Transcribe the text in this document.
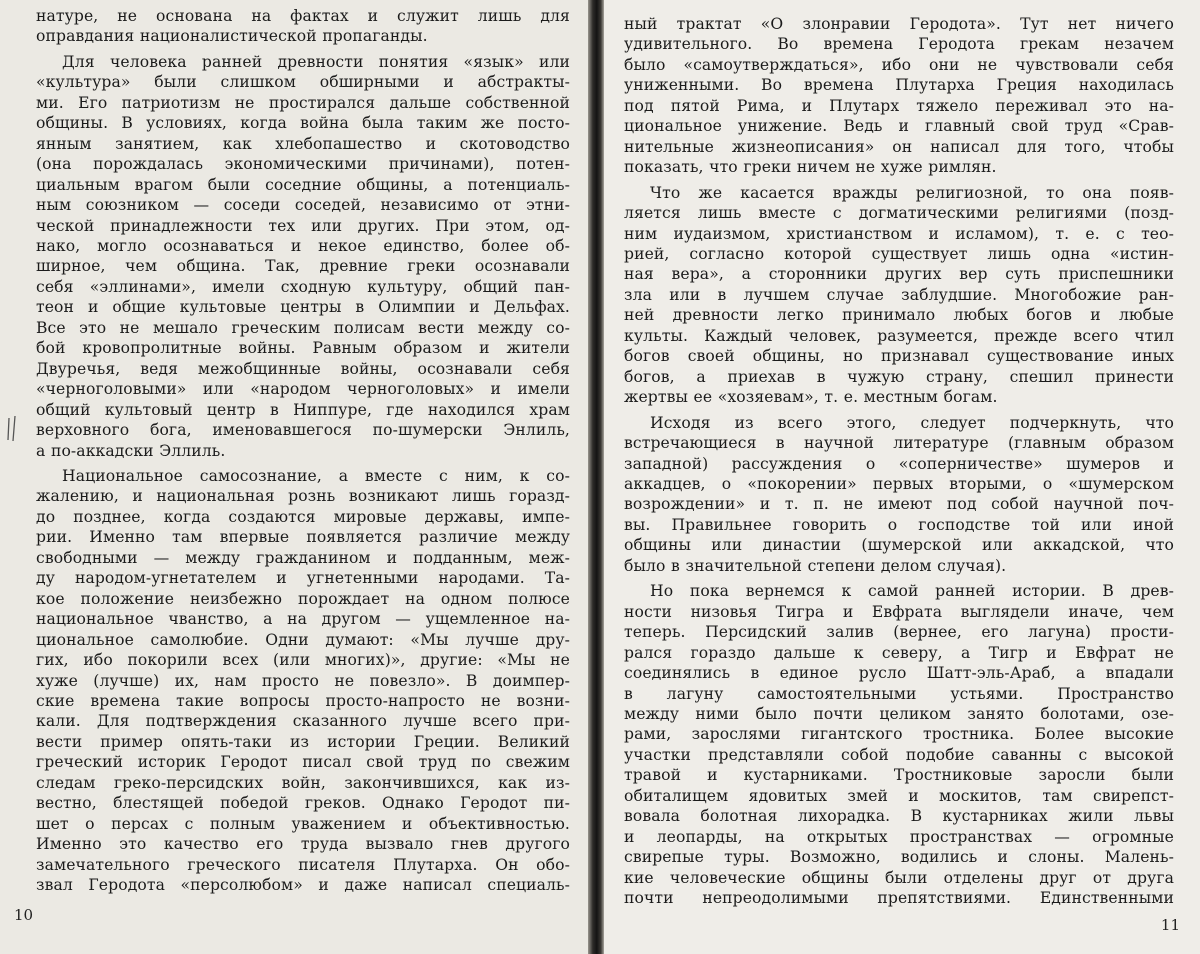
натуре, не основана на фактах и служит лишь для
оправдания националистической пропаганды.
Для человека ранней древности понятия «язык» или
«культура» были слишком обширными и абстракты-
ми. Его патриотизм не простирался дальше собственной
общины. В условиях, когда война была таким же посто-
янным занятием, как хлебопашество и скотоводство
(она порождалась экономическими причинами), потен-
циальным врагом были соседние общины, а потенциаль-
ным союзником — соседи соседей, независимо от этни-
ческой принадлежности тех или других. При этом, од-
нако, могло осознаваться и некое единство, более об-
ширное, чем община. Так, древние греки осознавали
себя «эллинами», имели сходную культуру, общий пан-
теон и общие культовые центры в Олимпии и Дельфах.
Все это не мешало греческим полисам вести между со-
бой кровопролитные войны. Равным образом и жители
Двуречья, ведя межобщинные войны, осознавали себя
«черноголовыми» или «народом черноголовых» и имели
общий культовый центр в Ниппуре, где находился храм
верховного бога, именовавшегося по-шумерски Энлиль,
а по-аккадски Эллиль.
Национальное самосознание, а вместе с ним, к со-
жалению, и национальная рознь возникают лишь горазд-
до позднее, когда создаются мировые державы, импе-
рии. Именно там впервые появляется различие между
свободными — между гражданином и подданным, меж-
ду народом-угнетателем и угнетенными народами. Та-
кое положение неизбежно порождает на одном полюсе
национальное чванство, а на другом — ущемленное на-
циональное самолюбие. Одни думают: «Мы лучше дру-
гих, ибо покорили всех (или многих)», другие: «Мы не
хуже (лучше) их, нам просто не повезло». В доимпер-
ские времена такие вопросы просто-напросто не возни-
кали. Для подтверждения сказанного лучше всего при-
вести пример опять-таки из истории Греции. Великий
греческий историк Геродот писал свой труд по свежим
следам греко-персидских войн, закончившихся, как из-
вестно, блестящей победой греков. Однако Геродот пи-
шет о персах с полным уважением и объективностью.
Именно это качество его труда вызвало гнев другого
замечательного греческого писателя Плутарха. Он обо-
звал Геродота «персолюбом» и даже написал специаль-
10
ный трактат «О злонравии Геродота». Тут нет ничего
удивительного. Во времена Геродота грекам незачем
было «самоутверждаться», ибо они не чувствовали себя
униженными. Во времена Плутарха Греция находилась
под пятой Рима, и Плутарх тяжело переживал это на-
циональное унижение. Ведь и главный свой труд «Срав-
нительные жизнеописания» он написал для того, чтобы
показать, что греки ничем не хуже римлян.
Что же касается вражды религиозной, то она появ-
ляется лишь вместе с догматическими религиями (позд-
ним иудаизмом, христианством и исламом), т. е. с тео-
рией, согласно которой существует лишь одна «истин-
ная вера», а сторонники других вер суть приспешники
зла или в лучшем случае заблудшие. Многобожие ран-
ней древности легко принимало любых богов и любые
культы. Каждый человек, разумеется, прежде всего чтил
богов своей общины, но признавал существование иных
богов, а приехав в чужую страну, спешил принести
жертвы ее «хозяевам», т. е. местным богам.
Исходя из всего этого, следует подчеркнуть, что
встречающиеся в научной литературе (главным образом
западной) рассуждения о «соперничестве» шумеров и
аккадцев, о «покорении» первых вторыми, о «шумерском
возрождении» и т. п. не имеют под собой научной поч-
вы. Правильнее говорить о господстве той или иной
общины или династии (шумерской или аккадской, что
было в значительной степени делом случая).
Но пока вернемся к самой ранней истории. В древ-
ности низовья Тигра и Евфрата выглядели иначе, чем
теперь. Персидский залив (вернее, его лагуна) прости-
рался гораздо дальше к северу, а Тигр и Евфрат не
соединялись в единое русло Шатт-эль-Араб, а впадали
в лагуну самостоятельными устьями. Пространство
между ними было почти целиком занято болотами, озе-
рами, зарослями гигантского тростника. Более высокие
участки представляли собой подобие саванны с высокой
травой и кустарниками. Тростниковые заросли были
обиталищем ядовитых змей и москитов, там свирепст-
вовала болотная лихорадка. В кустарниках жили львы
и леопарды, на открытых пространствах — огромные
свирепые туры. Возможно, водились и слоны. Малень-
кие человеческие общины были отделены друг от друга
почти непреодолимыми препятствиями. Единственными
11
